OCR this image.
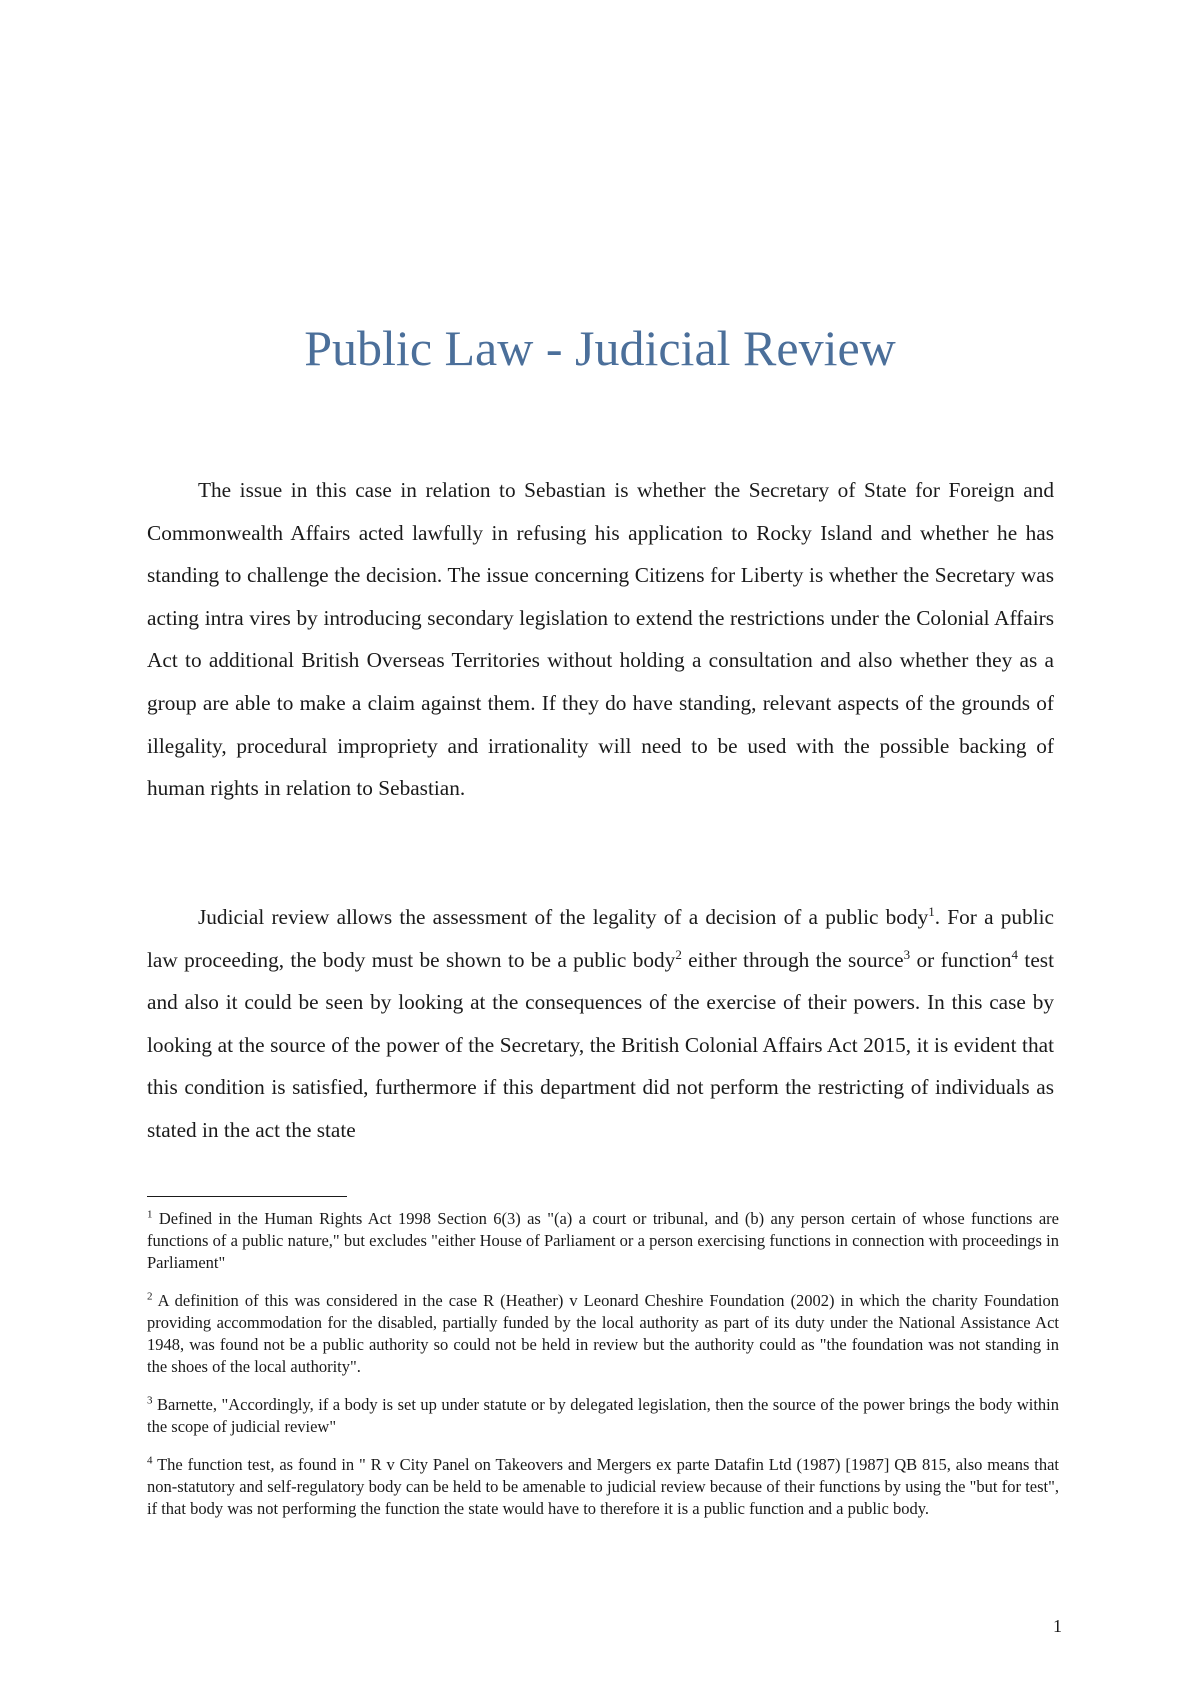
Public Law - Judicial Review

The issue in this case in relation to Sebastian is whether the Secretary of State for Foreign and Commonwealth Affairs acted lawfully in refusing his application to Rocky Island and whether he has standing to challenge the decision. The issue concerning Citizens for Liberty is whether the Secretary was acting intra vires by introducing secondary legislation to extend the restrictions under the Colonial Affairs Act to additional British Overseas Territories without holding a consultation and also whether they as a group are able to make a claim against them. If they do have standing, relevant aspects of the grounds of illegality, procedural impropriety and irrationality will need to be used with the possible backing of human rights in relation to Sebastian.

Judicial review allows the assessment of the legality of a decision of a public body$^1$. For a public law proceeding, the body must be shown to be a public body$^2$ either through the source$^3$ or function$^4$ test and also it could be seen by looking at the consequences of the exercise of their powers. In this case by looking at the source of the power of the Secretary, the British Colonial Affairs Act 2015, it is evident that this condition is satisfied, furthermore if this department did not perform the restricting of individuals as stated in the act the state

$^1$ Defined in the Human Rights Act 1998 Section 6(3) as "(a) a court or tribunal, and (b) any person certain of whose functions are functions of a public nature," but excludes "either House of Parliament or a person exercising functions in connection with proceedings in Parliament"

$^2$ A definition of this was considered in the case R (Heather) v Leonard Cheshire Foundation (2002) in which the charity Foundation providing accommodation for the disabled, partially funded by the local authority as part of its duty under the National Assistance Act 1948, was found not be a public authority so could not be held in review but the authority could as "the foundation was not standing in the shoes of the local authority".

$^3$ Barnette, "Accordingly, if a body is set up under statute or by delegated legislation, then the source of the power brings the body within the scope of judicial review"

$^4$ The function test, as found in " R v City Panel on Takeovers and Mergers ex parte Datafin Ltd (1987) [1987] QB 815, also means that non-statutory and self-regulatory body can be held to be amenable to judicial review because of their functions by using the "but for test", if that body was not performing the function the state would have to therefore it is a public function and a public body.

1
